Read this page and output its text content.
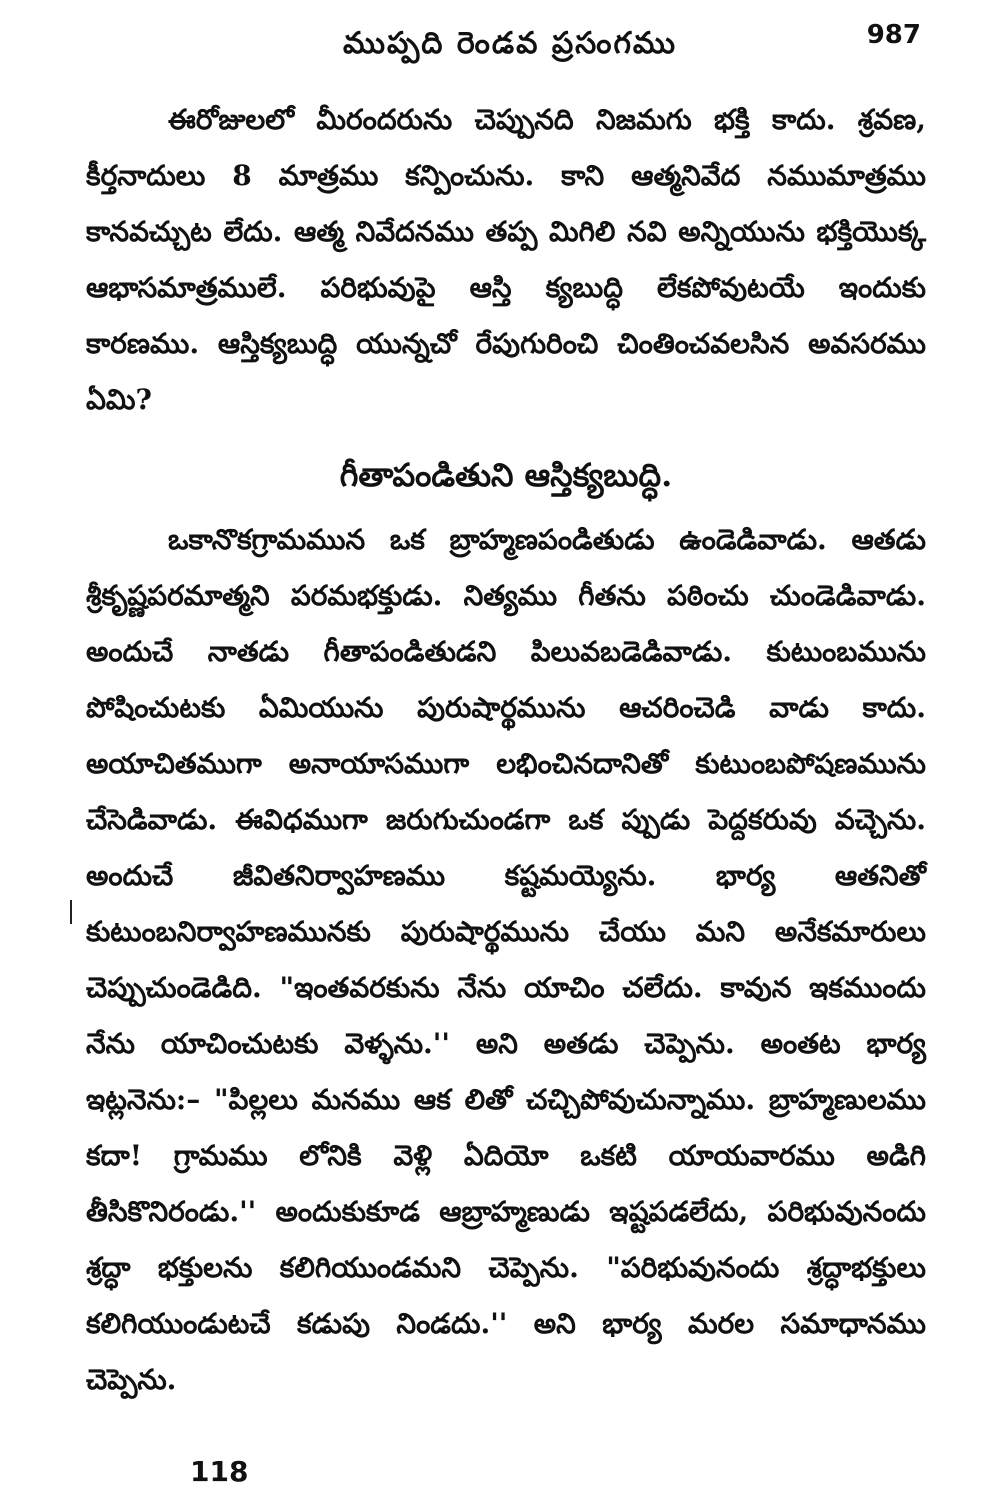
ముప్పది రెండవ ప్రసంగము	987

ఈరోజులలో మీరందరును చెప్పునది నిజమగు భక్తి కాదు. శ్రవణ, కీర్తనాదులు 8 మాత్రము కన్పించును. కాని ఆత్మనివేద నముమాత్రము కానవచ్చుట లేదు. ఆత్మ నివేదనము తప్ప మిగిలి నవి అన్నియును భక్తియొక్క ఆభాసమాత్రములే. పరిభువుపై ఆస్తి క్యబుద్ధి లేకపోవుటయే ఇందుకు కారణము. ఆస్తిక్యబుద్ధి యున్నచో రేపుగురించి చింతించవలసిన అవసరము ఏమి?

గీతాపండితుని ఆస్తిక్యబుద్ధి.

ఒకానొకగ్రామమున ఒక బ్రాహ్మణపండితుడు ఉండెడివాడు. ఆతడు శ్రీకృష్ణపరమాత్మని పరమభక్తుడు. నిత్యము గీతను పఠించు చుండెడివాడు. అందుచే నాతడు గీతాపండితుడని పిలువబడెడివాడు. కుటుంబమును పోషించుటకు ఏమియును పురుషార్థమును ఆచరించెడి వాడు కాదు. అయాచితముగా అనాయాసముగా లభించినదానితో కుటుంబపోషణమును చేసెడివాడు. ఈవిధముగా జరుగుచుండగా ఒక ప్పుడు పెద్దకరువు వచ్చెను. అందుచే జీవితనిర్వాహణము కష్టమయ్యెను. భార్య ఆతనితో కుటుంబనిర్వాహణమునకు పురుషార్థమును చేయు మని అనేకమారులు చెప్పుచుండెడిది. "ఇంతవరకును నేను యాచిం చలేదు. కావున ఇకముందు నేను యాచించుటకు వెళ్ళను.'' అని అతడు చెప్పెను. అంతట భార్య ఇట్లనెను:– "పిల్లలు మనము ఆక లితో చచ్చిపోవుచున్నాము. బ్రాహ్మణులము కదా! గ్రామము లోనికి వెళ్లి ఏదియో ఒకటి యాయవారము అడిగి తీసికొనిరండు.'' అందుకుకూడ ఆబ్రాహ్మణుడు ఇష్టపడలేదు, పరిభువునందు శ్రద్ధా భక్తులను కలిగియుండమని చెప్పెను. "పరిభువునందు శ్రద్ధాభక్తులు కలిగియుండుటచే కడుపు నిండదు.'' అని భార్య మరల సమాధానము చెప్పెను.

118
